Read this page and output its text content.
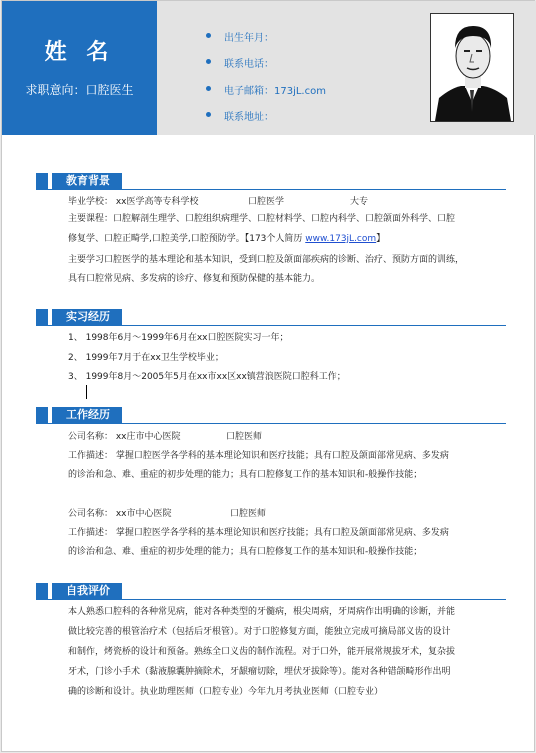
姓 名
求职意向：口腔医生
出生年月：
联系电话：
电子邮箱：173jL.com
联系地址：
教育背景
毕业学校： xx医学高等专科学校	口腔医学	大专
主要课程：口腔解剖生理学、口腔组织病理学、口腔材料学、口腔内科学、口腔颌面外科学、口腔
修复学、口腔正畸学,口腔美学,口腔预防学。【173个人简历 www.173jL.com】
主要学习口腔医学的基本理论和基本知识，受到口腔及颌面部疾病的诊断、治疗、预防方面的训练，
具有口腔常见病、多发病的诊疗、修复和预防保健的基本能力。
实习经历
1、 1998年6月～1999年6月在xx口腔医院实习一年；
2、 1999年7月于在xx卫生学校毕业；
3、 1999年8月～2005年5月在xx市xx区xx镇营浪医院口腔科工作；
工作经历
公司名称： xx庄市中心医院	口腔医师
工作描述： 掌握口腔医学各学科的基本理论知识和医疗技能；具有口腔及颌面部常见病、多发病
的诊治和急、难、重症的初步处理的能力；具有口腔修复工作的基本知识和-般操作技能；
公司名称： xx市中心医院	口腔医师
工作描述： 掌握口腔医学各学科的基本理论知识和医疗技能；具有口腔及颌面部常见病、多发病
的诊治和急、难、重症的初步处理的能力；具有口腔修复工作的基本知识和-般操作技能；
自我评价
本人熟悉口腔科的各种常见病，能对各种类型的牙髓病，根尖周病，牙周病作出明确的诊断，并能
做比较完善的根管治疗术（包括后牙根管）。对于口腔修复方面，能独立完成可摘局部义齿的设计
和制作，烤瓷桥的设计和预备。熟练全口义齿的制作流程。对于口外，能开展常规拔牙术，复杂拔
牙术，门诊小手术（黏液腺囊肿摘除术，牙龈瘤切除，埋伏牙拔除等）。能对各种错颌畸形作出明
确的诊断和设计。执业助理医师（口腔专业）今年九月考执业医师（口腔专业）
